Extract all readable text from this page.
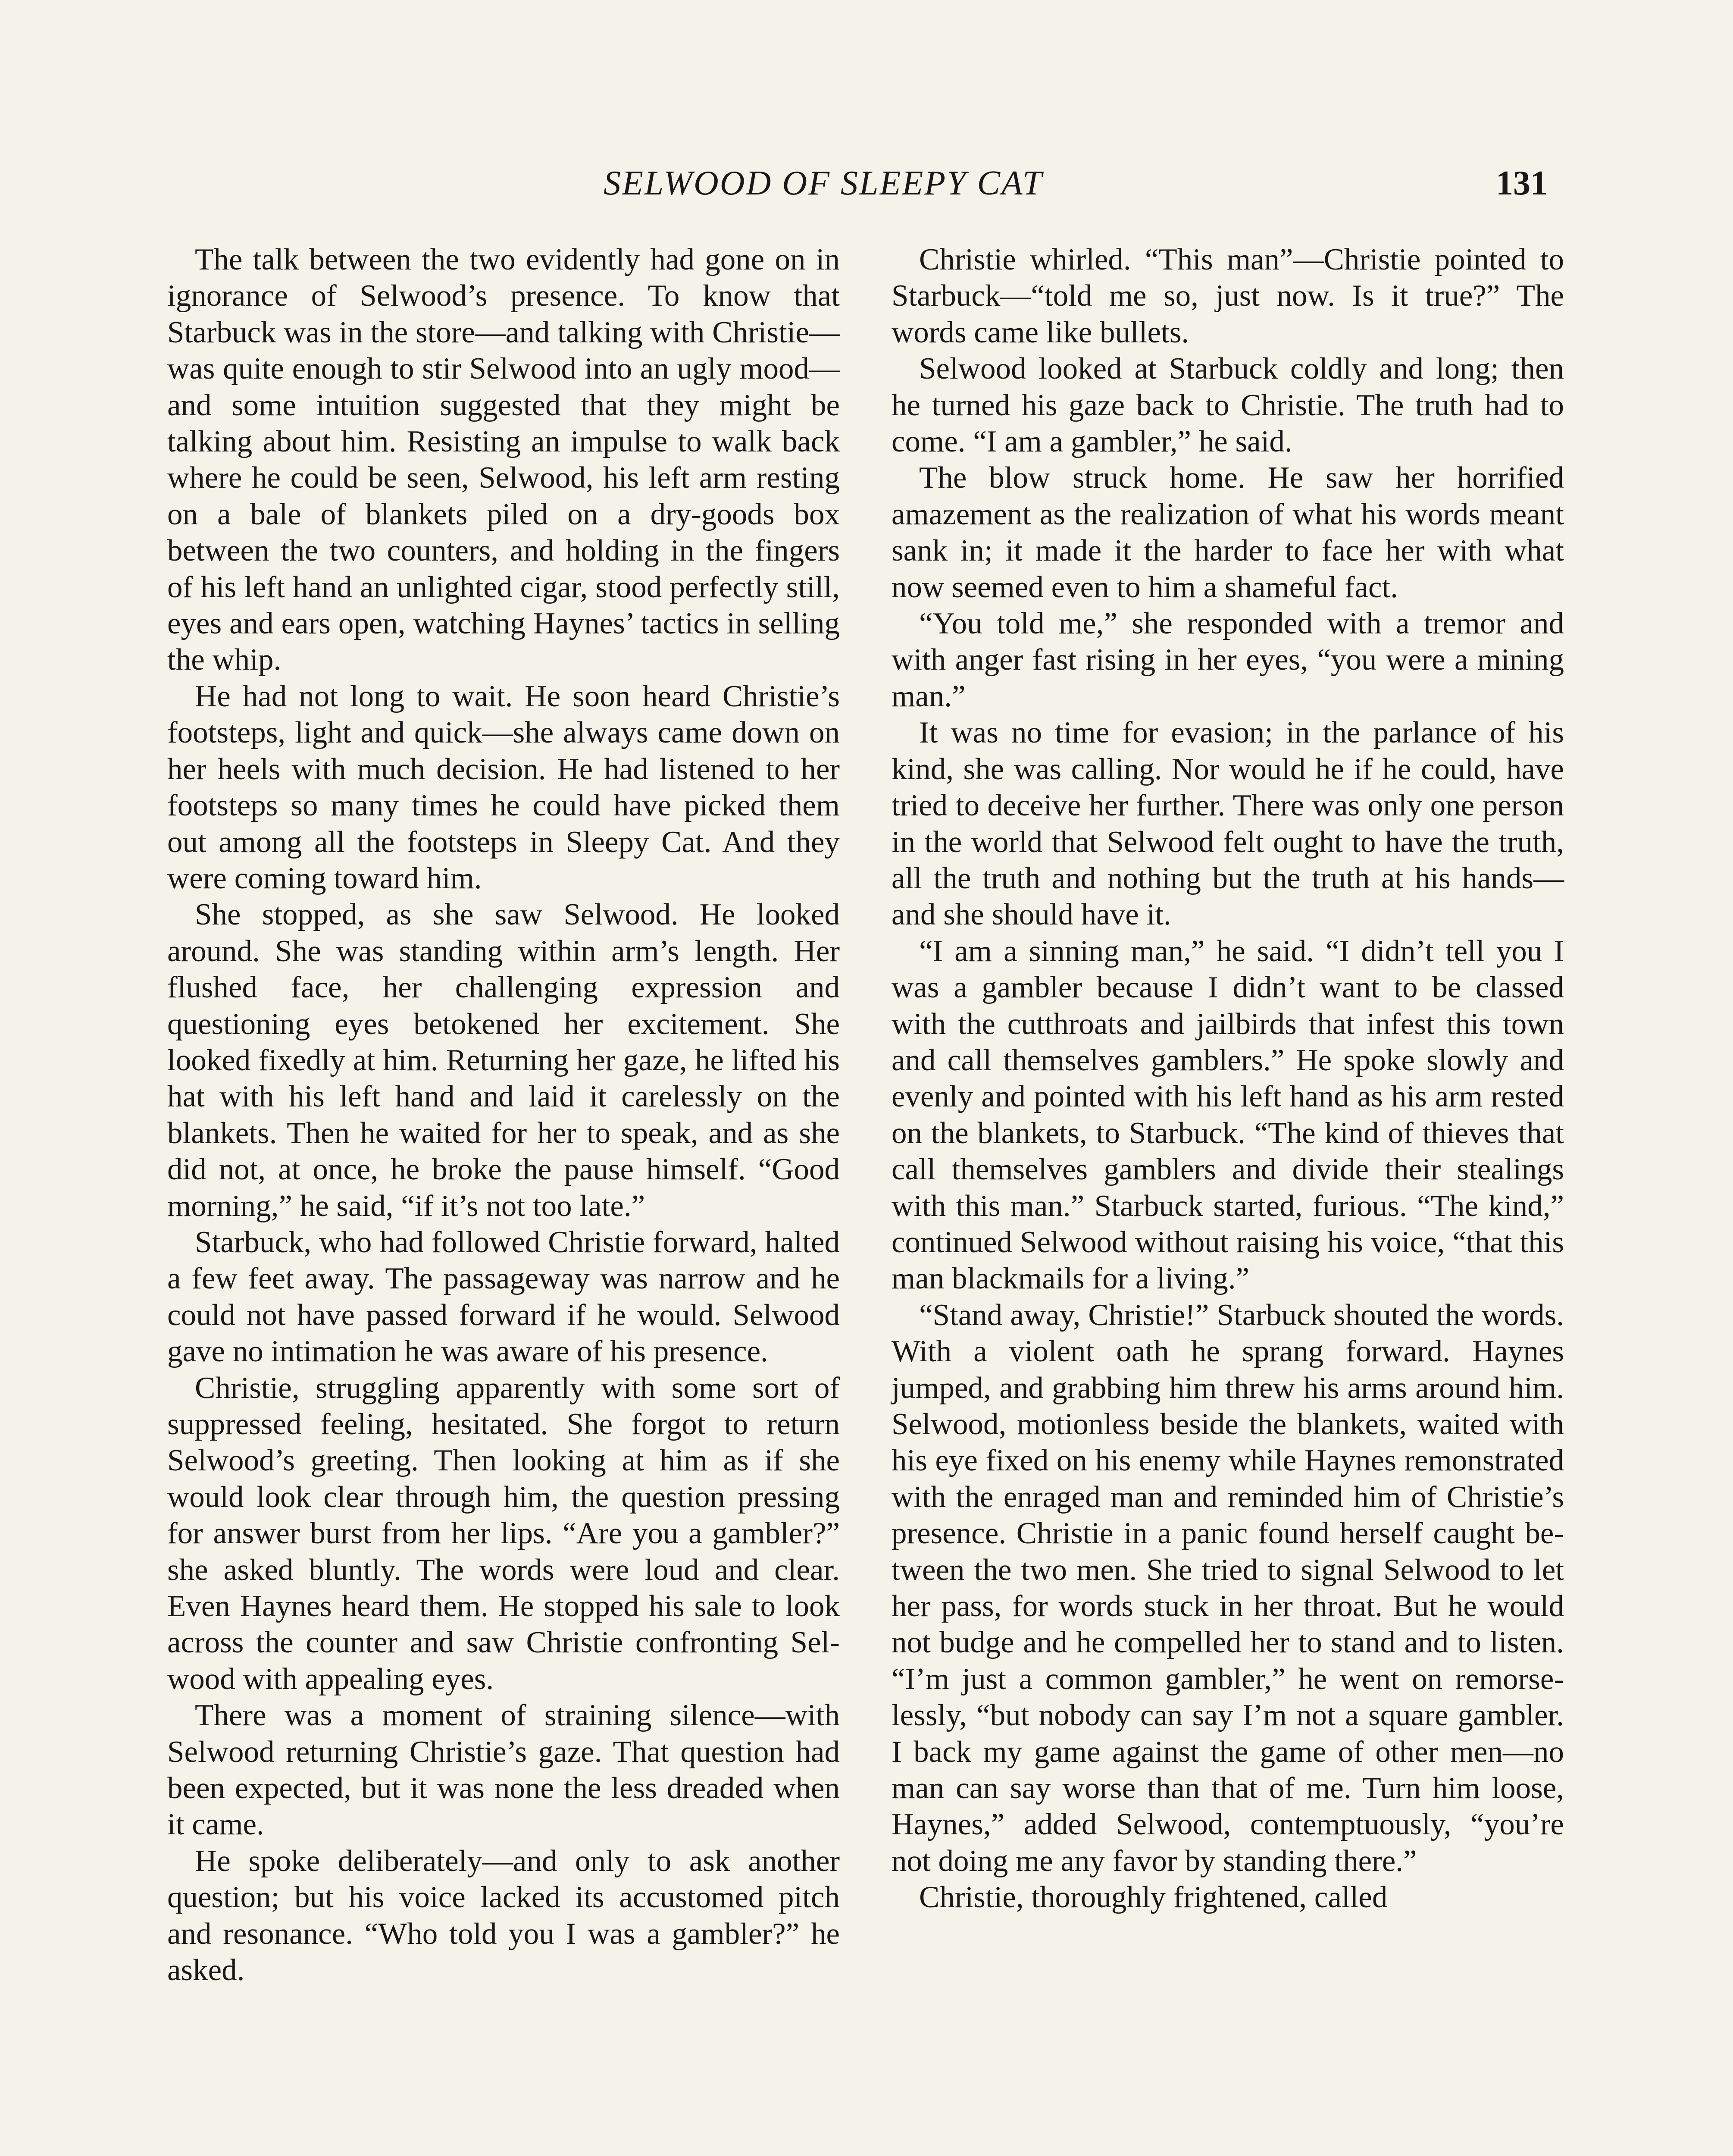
SELWOOD OF SLEEPY CAT	131

The talk between the two evidently had gone on in ignorance of Selwood’s presence. To know that Starbuck was in the store—and talking with Christie—was quite enough to stir Selwood into an ugly mood—and some intuition suggested that they might be talking about him. Resisting an impulse to walk back where he could be seen, Selwood, his left arm resting on a bale of blankets piled on a dry-goods box between the two counters, and holding in the fingers of his left hand an unlighted cigar, stood perfectly still, eyes and ears open, watching Haynes’ tactics in selling the whip.

He had not long to wait. He soon heard Christie’s footsteps, light and quick—she always came down on her heels with much decision. He had listened to her footsteps so many times he could have picked them out among all the footsteps in Sleepy Cat. And they were coming toward him.

She stopped, as she saw Selwood. He looked around. She was standing within arm’s length. Her flushed face, her challenging expression and questioning eyes betokened her excitement. She looked fixedly at him. Returning her gaze, he lifted his hat with his left hand and laid it carelessly on the blankets. Then he waited for her to speak, and as she did not, at once, he broke the pause himself. “Good morning,” he said, “if it’s not too late.”

Starbuck, who had followed Christie forward, halted a few feet away. The passageway was narrow and he could not have passed forward if he would. Selwood gave no intimation he was aware of his presence.

Christie, struggling apparently with some sort of suppressed feeling, hesitated. She forgot to return Selwood’s greeting. Then looking at him as if she would look clear through him, the question pressing for answer burst from her lips. “Are you a gambler?” she asked bluntly. The words were loud and clear. Even Haynes heard them. He stopped his sale to look across the counter and saw Christie confronting Selwood with appealing eyes.

There was a moment of straining silence—with Selwood returning Christie’s gaze. That question had been expected, but it was none the less dreaded when it came.

He spoke deliberately—and only to ask another question; but his voice lacked its accustomed pitch and resonance. “Who told you I was a gambler?” he asked.

Christie whirled. “This man”—Christie pointed to Starbuck—“told me so, just now. Is it true?” The words came like bullets.

Selwood looked at Starbuck coldly and long; then he turned his gaze back to Christie. The truth had to come. “I am a gambler,” he said.

The blow struck home. He saw her horrified amazement as the realization of what his words meant sank in; it made it the harder to face her with what now seemed even to him a shameful fact.

“You told me,” she responded with a tremor and with anger fast rising in her eyes, “you were a mining man.”

It was no time for evasion; in the parlance of his kind, she was calling. Nor would he if he could, have tried to deceive her further. There was only one person in the world that Selwood felt ought to have the truth, all the truth and nothing but the truth at his hands—and she should have it.

“I am a sinning man,” he said. “I didn’t tell you I was a gambler because I didn’t want to be classed with the cutthroats and jailbirds that infest this town and call themselves gamblers.” He spoke slowly and evenly and pointed with his left hand as his arm rested on the blankets, to Starbuck. “The kind of thieves that call themselves gamblers and divide their stealings with this man.” Starbuck started, furious. “The kind,” continued Selwood without raising his voice, “that this man blackmails for a living.”

“Stand away, Christie!” Starbuck shouted the words. With a violent oath he sprang forward. Haynes jumped, and grabbing him threw his arms around him. Selwood, motionless beside the blankets, waited with his eye fixed on his enemy while Haynes remonstrated with the enraged man and reminded him of Christie’s presence. Christie in a panic found herself caught between the two men. She tried to signal Selwood to let her pass, for words stuck in her throat. But he would not budge and he compelled her to stand and to listen. “I’m just a common gambler,” he went on remorselessly, “but nobody can say I’m not a square gambler. I back my game against the game of other men—no man can say worse than that of me. Turn him loose, Haynes,” added Selwood, contemptuously, “you’re not doing me any favor by standing there.”

Christie, thoroughly frightened, called
